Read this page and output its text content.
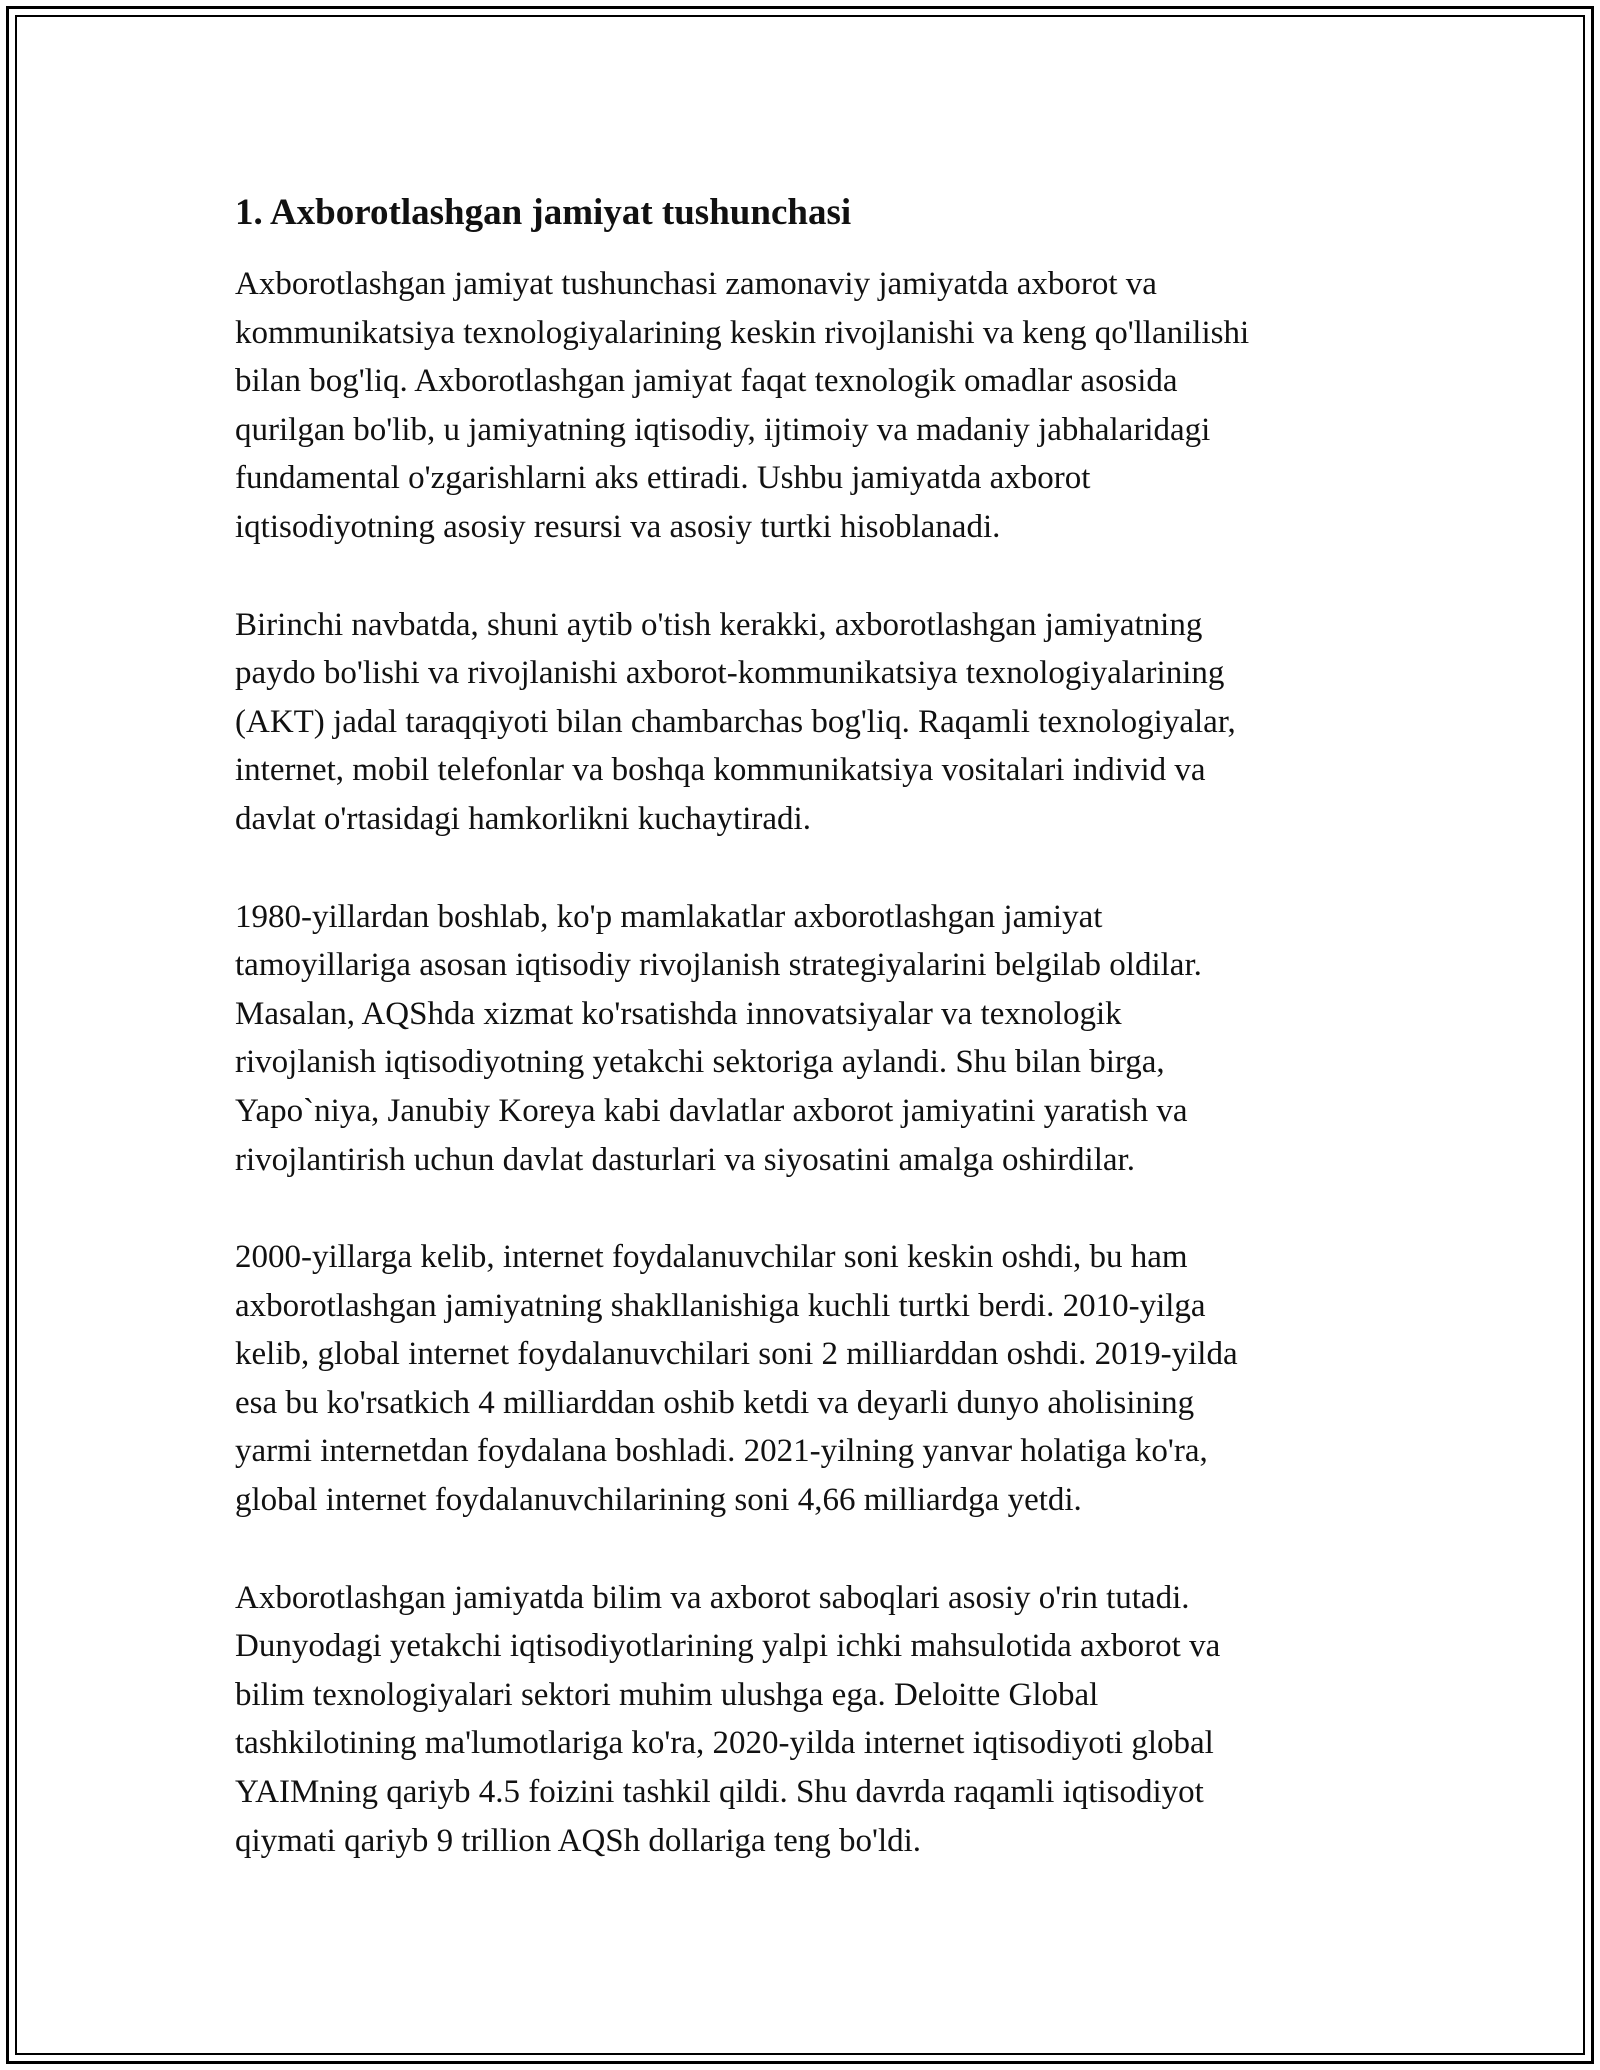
1. Axborotlashgan jamiyat tushunchasi

Axborotlashgan jamiyat tushunchasi zamonaviy jamiyatda axborot va
kommunikatsiya texnologiyalarining keskin rivojlanishi va keng qo'llanilishi
bilan bog'liq. Axborotlashgan jamiyat faqat texnologik omadlar asosida
qurilgan bo'lib, u jamiyatning iqtisodiy, ijtimoiy va madaniy jabhalaridagi
fundamental o'zgarishlarni aks ettiradi. Ushbu jamiyatda axborot
iqtisodiyotning asosiy resursi va asosiy turtki hisoblanadi.

Birinchi navbatda, shuni aytib o'tish kerakki, axborotlashgan jamiyatning
paydo bo'lishi va rivojlanishi axborot-kommunikatsiya texnologiyalarining
(AKT) jadal taraqqiyoti bilan chambarchas bog'liq. Raqamli texnologiyalar,
internet, mobil telefonlar va boshqa kommunikatsiya vositalari individ va
davlat o'rtasidagi hamkorlikni kuchaytiradi.

1980-yillardan boshlab, ko'p mamlakatlar axborotlashgan jamiyat
tamoyillariga asosan iqtisodiy rivojlanish strategiyalarini belgilab oldilar.
Masalan, AQShda xizmat ko'rsatishda innovatsiyalar va texnologik
rivojlanish iqtisodiyotning yetakchi sektoriga aylandi. Shu bilan birga,
Yapo`niya, Janubiy Koreya kabi davlatlar axborot jamiyatini yaratish va
rivojlantirish uchun davlat dasturlari va siyosatini amalga oshirdilar.

2000-yillarga kelib, internet foydalanuvchilar soni keskin oshdi, bu ham
axborotlashgan jamiyatning shakllanishiga kuchli turtki berdi. 2010-yilga
kelib, global internet foydalanuvchilari soni 2 milliarddan oshdi. 2019-yilda
esa bu ko'rsatkich 4 milliarddan oshib ketdi va deyarli dunyo aholisining
yarmi internetdan foydalana boshladi. 2021-yilning yanvar holatiga ko'ra,
global internet foydalanuvchilarining soni 4,66 milliardga yetdi.

Axborotlashgan jamiyatda bilim va axborot saboqlari asosiy o'rin tutadi.
Dunyodagi yetakchi iqtisodiyotlarining yalpi ichki mahsulotida axborot va
bilim texnologiyalari sektori muhim ulushga ega. Deloitte Global
tashkilotining ma'lumotlariga ko'ra, 2020-yilda internet iqtisodiyoti global
YAIMning qariyb 4.5 foizini tashkil qildi. Shu davrda raqamli iqtisodiyot
qiymati qariyb 9 trillion AQSh dollariga teng bo'ldi.
